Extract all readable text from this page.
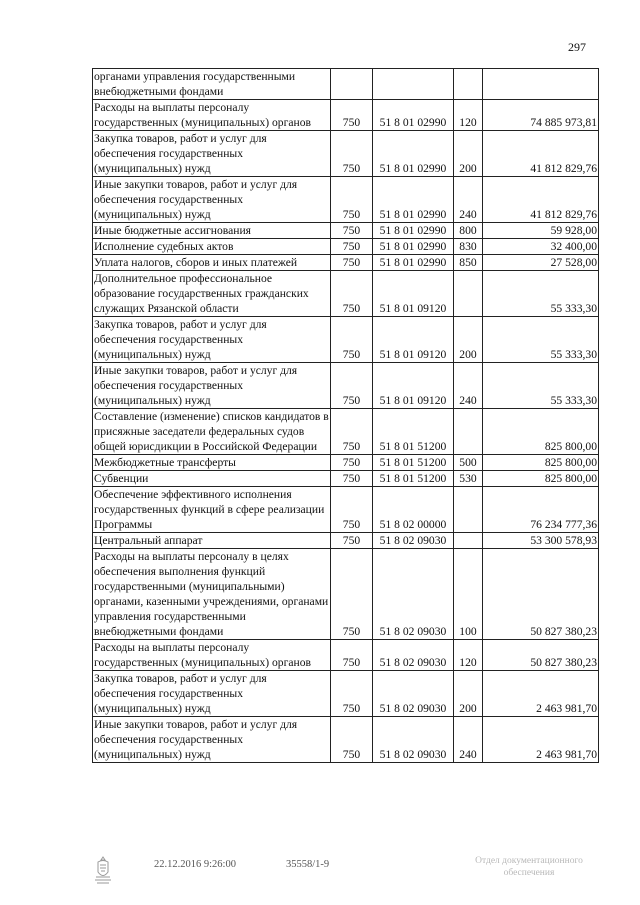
297
органами управления государственными внебюджетными фондами				
Расходы на выплаты персоналу государственных (муниципальных) органов	750	51 8 01 02990	120	74 885 973,81
Закупка товаров, работ и услуг для обеспечения государственных (муниципальных) нужд	750	51 8 01 02990	200	41 812 829,76
Иные закупки товаров, работ и услуг для обеспечения государственных (муниципальных) нужд	750	51 8 01 02990	240	41 812 829,76
Иные бюджетные ассигнования	750	51 8 01 02990	800	59 928,00
Исполнение судебных актов	750	51 8 01 02990	830	32 400,00
Уплата налогов, сборов и иных платежей	750	51 8 01 02990	850	27 528,00
Дополнительное профессиональное образование государственных гражданских служащих Рязанской области	750	51 8 01 09120		55 333,30
Закупка товаров, работ и услуг для обеспечения государственных (муниципальных) нужд	750	51 8 01 09120	200	55 333,30
Иные закупки товаров, работ и услуг для обеспечения государственных (муниципальных) нужд	750	51 8 01 09120	240	55 333,30
Составление (изменение) списков кандидатов в присяжные заседатели федеральных судов общей юрисдикции в Российской Федерации	750	51 8 01 51200		825 800,00
Межбюджетные трансферты	750	51 8 01 51200	500	825 800,00
Субвенции	750	51 8 01 51200	530	825 800,00
Обеспечение эффективного исполнения государственных функций в сфере реализации Программы	750	51 8 02 00000		76 234 777,36
Центральный аппарат	750	51 8 02 09030		53 300 578,93
Расходы на выплаты персоналу в целях обеспечения выполнения функций государственными (муниципальными) органами, казенными учреждениями, органами управления государственными внебюджетными фондами	750	51 8 02 09030	100	50 827 380,23
Расходы на выплаты персоналу государственных (муниципальных) органов	750	51 8 02 09030	120	50 827 380,23
Закупка товаров, работ и услуг для обеспечения государственных (муниципальных) нужд	750	51 8 02 09030	200	2 463 981,70
Иные закупки товаров, работ и услуг для обеспечения государственных (муниципальных) нужд	750	51 8 02 09030	240	2 463 981,70
22.12.2016 9:26:00	35558/1-9	Отдел документационного
обеспечения
